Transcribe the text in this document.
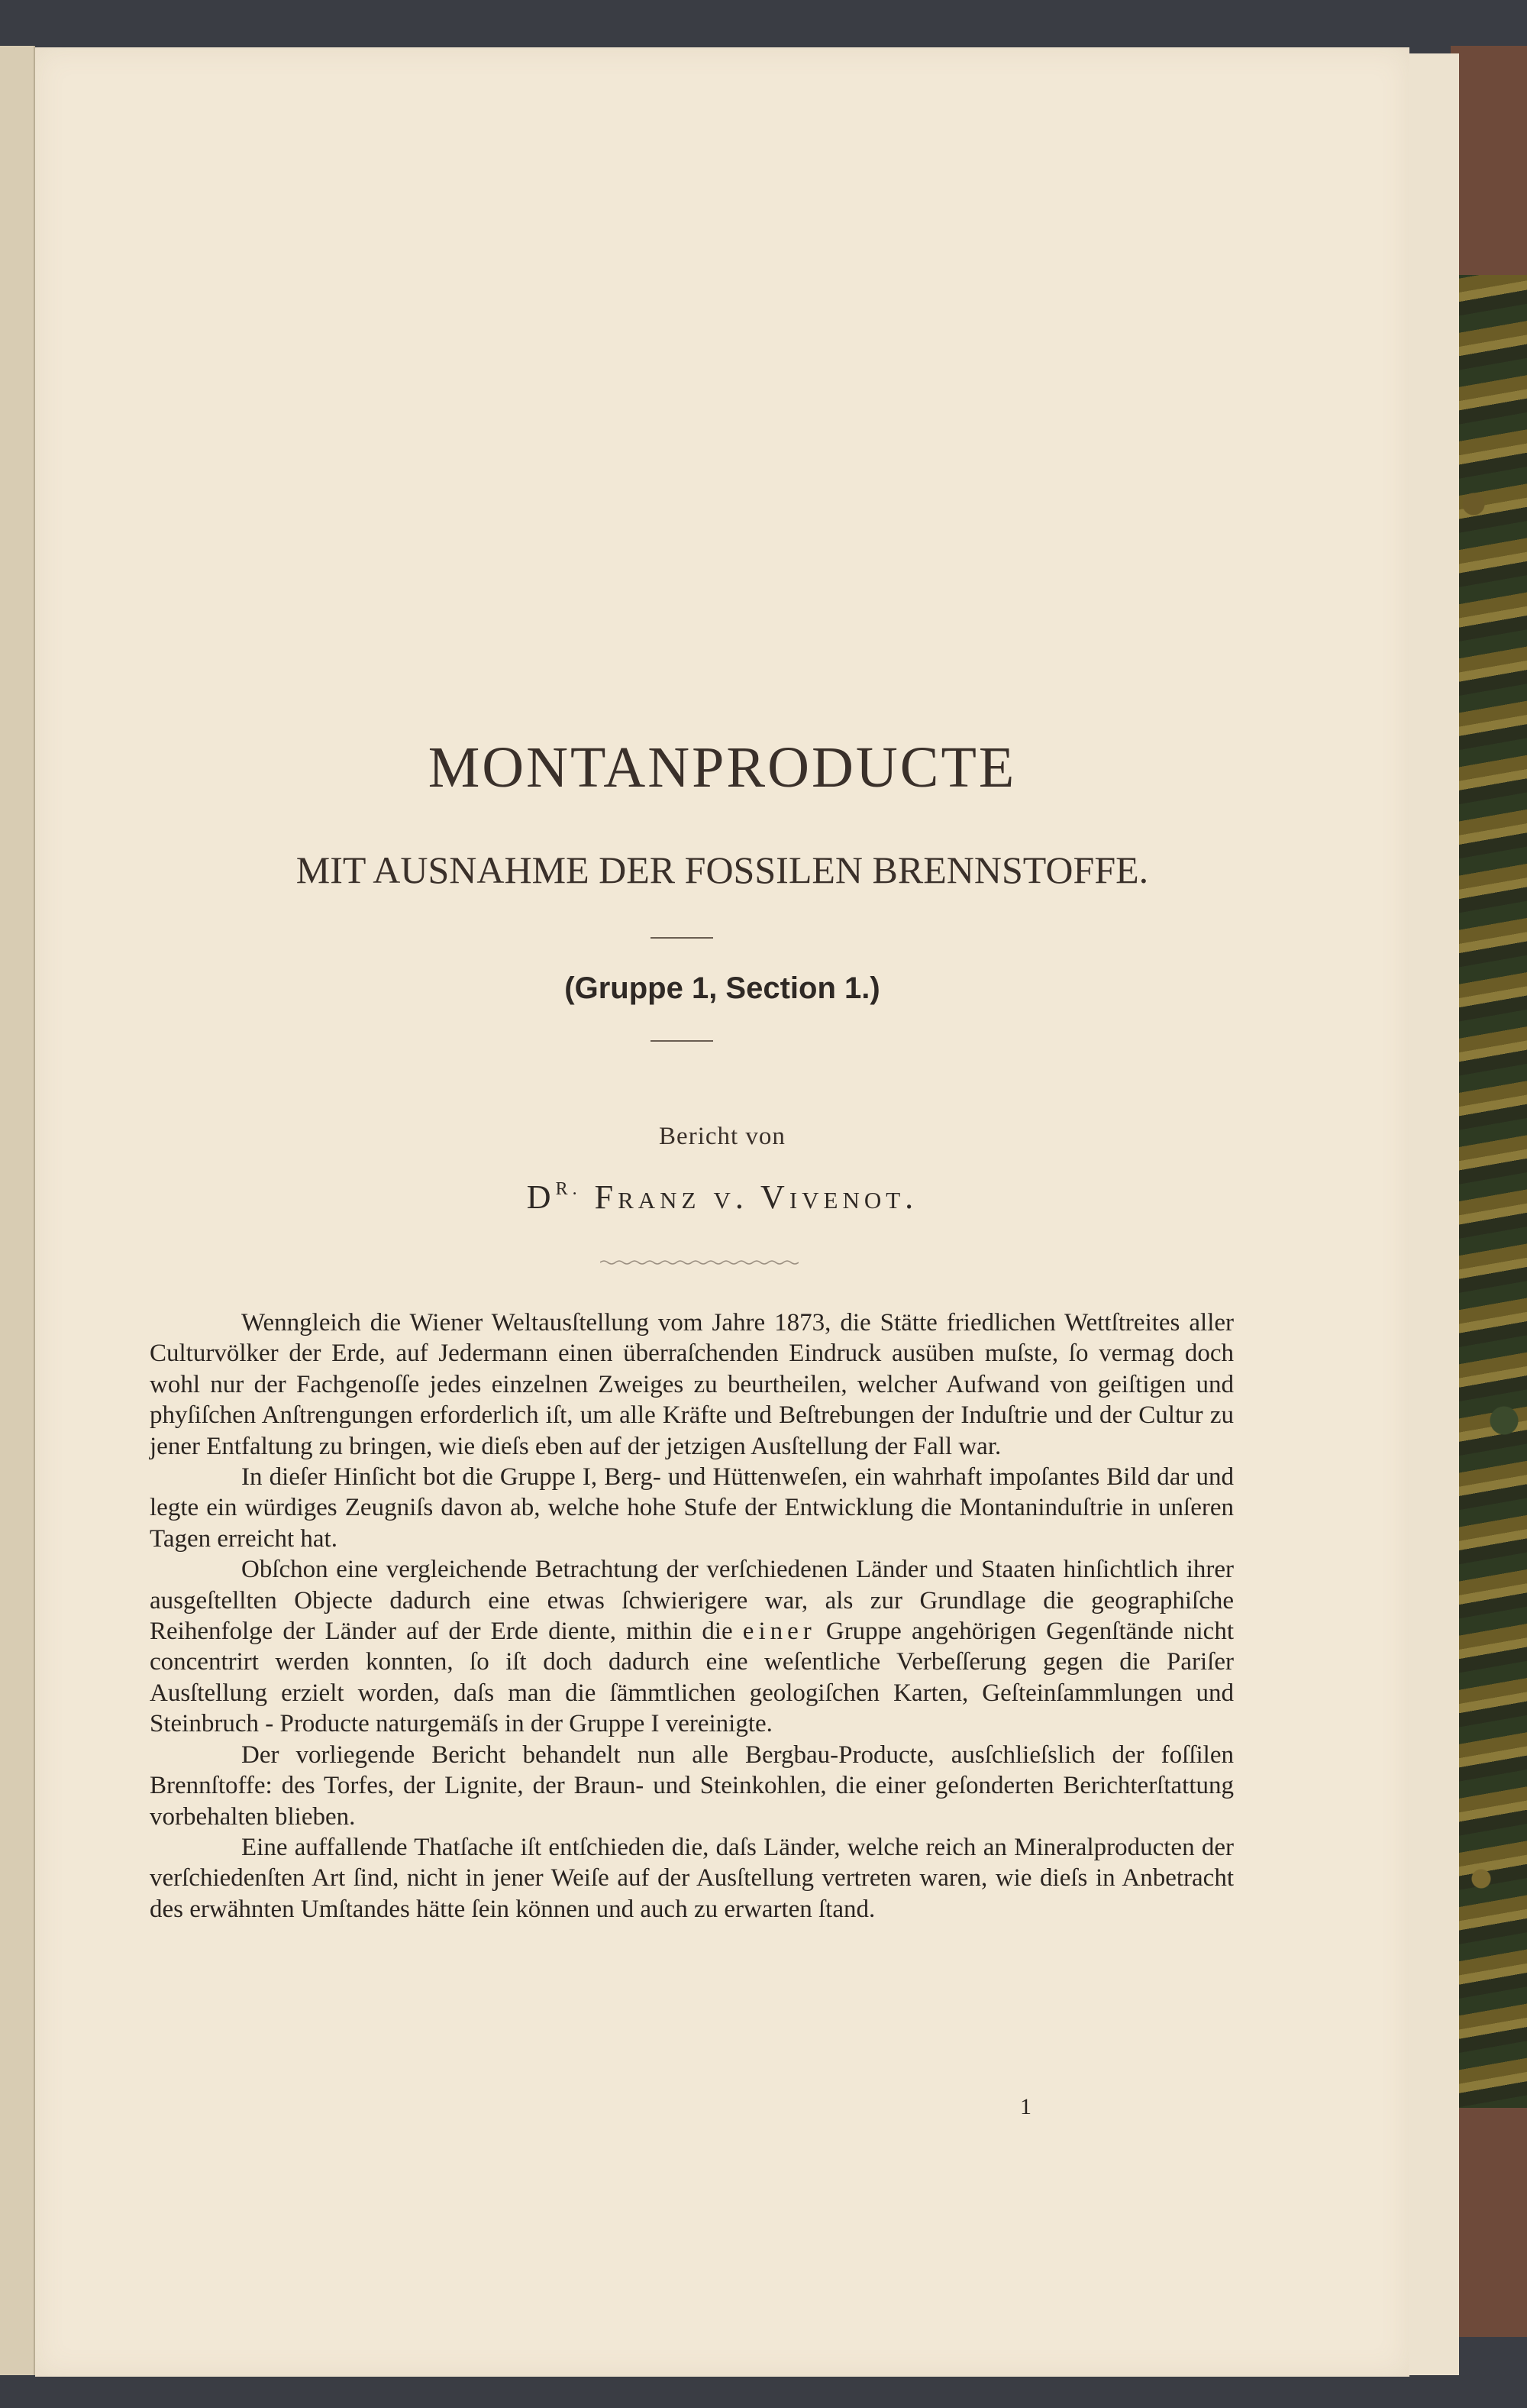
MONTANPRODUCTE
MIT AUSNAHME DER FOSSILEN BRENNSTOFFE.
(Gruppe 1, Section 1.)
Bericht von
$D^{R.}$ Franz v. Vivenot.

Wenngleich die Wiener Weltausſtellung vom Jahre 1873, die Stätte friedlichen Wettſtreites aller Culturvölker der Erde, auf Jedermann einen überraſchenden Eindruck ausüben muſste, ſo vermag doch wohl nur der Fachgenoſſe jedes einzelnen Zweiges zu beurtheilen, welcher Aufwand von geiſtigen und phyſiſchen Anſtrengungen erforderlich iſt, um alle Kräfte und Beſtrebungen der Induſtrie und der Cultur zu jener Entfaltung zu bringen, wie dieſs eben auf der jetzigen Ausſtellung der Fall war.

In dieſer Hinſicht bot die Gruppe I, Berg- und Hüttenweſen, ein wahrhaft impoſantes Bild dar und legte ein würdiges Zeugniſs davon ab, welche hohe Stufe der Entwicklung die Montaninduſtrie in unſeren Tagen erreicht hat.

Obſchon eine vergleichende Betrachtung der verſchiedenen Länder und Staaten hinſichtlich ihrer ausgeſtellten Objecte dadurch eine etwas ſchwierigere war, als zur Grundlage die geographiſche Reihenfolge der Länder auf der Erde diente, mithin die einer Gruppe angehörigen Gegenſtände nicht concentrirt werden konnten, ſo iſt doch dadurch eine weſentliche Verbeſſerung gegen die Pariſer Ausſtellung erzielt worden, daſs man die ſämmtlichen geologiſchen Karten, Geſteinſammlungen und Steinbruch - Producte naturgemäſs in der Gruppe I vereinigte.

Der vorliegende Bericht behandelt nun alle Bergbau-Producte, ausſchlieſslich der foſſilen Brennſtoffe: des Torfes, der Lignite, der Braun- und Steinkohlen, die einer geſonderten Berichterſtattung vorbehalten blieben.

Eine auffallende Thatſache iſt entſchieden die, daſs Länder, welche reich an Mineralproducten der verſchiedenſten Art ſind, nicht in jener Weiſe auf der Ausſtellung vertreten waren, wie dieſs in Anbetracht des erwähnten Umſtandes hätte ſein können und auch zu erwarten ſtand.

1
